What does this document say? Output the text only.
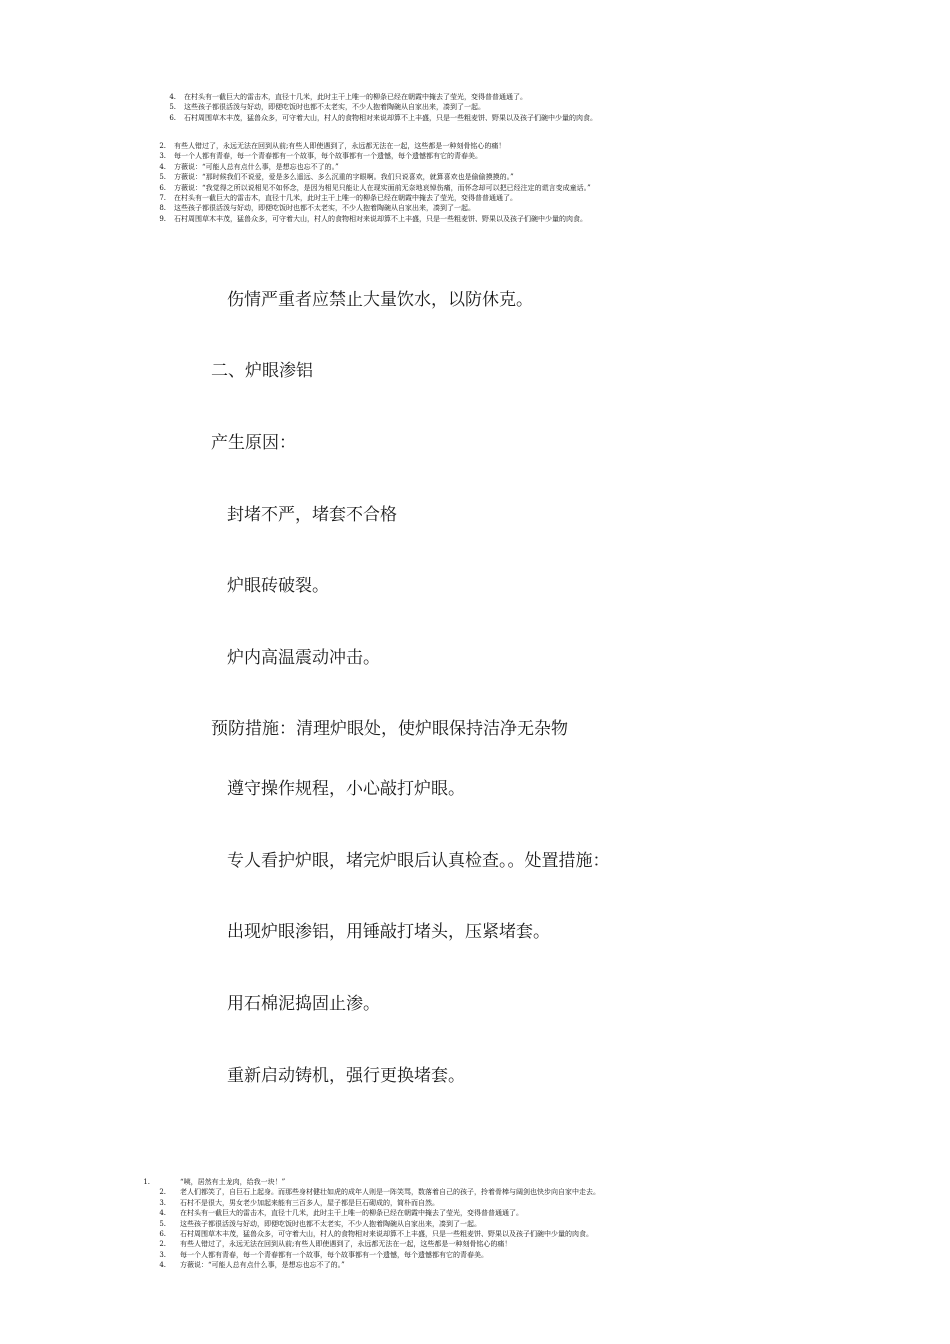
4. 在村头有一截巨大的雷击木，直径十几米，此时主干上唯一的柳条已经在朝霞中掩去了莹光，变得普普通通了。
5. 这些孩子都很活泼与好动，即便吃饭时也都不太老实，不少人抱着陶碗从自家出来，凑到了一起。
6. 石村周围草木丰茂，猛兽众多，可守着大山，村人的食物相对来说却算不上丰盛，只是一些粗麦饼、野果以及孩子们碗中少量的肉食。
2. 有些人错过了，永远无法在回到从前;有些人即使遇到了，永远都无法在一起，这些都是一种刻骨铭心的痛！
3. 每一个人都有青春，每一个青春都有一个故事，每个故事都有一个遗憾，每个遗憾都有它的青春美。
4. 方薇说：“可能人总有点什么事，是想忘也忘不了的。”
5. 方薇说：“那时候我们不说爱，爱是多么遥远、多么沉重的字眼啊。我们只说喜欢，就算喜欢也是偷偷摸摸的。”
6. 方薇说：“我觉得之所以说相见不如怀念，是因为相见只能让人在现实面前无奈地哀悼伤痛，而怀念却可以把已经注定的谎言变成童话。”
7. 在村头有一截巨大的雷击木，直径十几米，此时主干上唯一的柳条已经在朝霞中掩去了莹光，变得普普通通了。
8. 这些孩子都很活泼与好动，即便吃饭时也都不太老实，不少人抱着陶碗从自家出来，凑到了一起。
9. 石村周围草木丰茂，猛兽众多，可守着大山，村人的食物相对来说却算不上丰盛，只是一些粗麦饼、野果以及孩子们碗中少量的肉食。
伤情严重者应禁止大量饮水，以防休克。
二、炉眼渗铝
产生原因：
封堵不严，堵套不合格
炉眼砖破裂。
炉内高温震动冲击。
预防措施：清理炉眼处，使炉眼保持洁净无杂物
遵守操作规程，小心敲打炉眼。
专人看护炉眼，堵完炉眼后认真检查。。处置措施：
出现炉眼渗铝，用锤敲打堵头，压紧堵套。
用石棉泥捣固止渗。
重新启动铸机，强行更换堵套。
1.	“咦，居然有土龙肉，给我一块！”
2. 老人们都笑了，自巨石上起身。而那些身材健壮如虎的成年人则是一阵笑骂，数落着自己的孩子，拎着骨棒与阔剑也快步向自家中走去。
3. 石村不是很大，男女老少加起来能有三百多人，屋子都是巨石砌成的，简朴而自然。
4. 在村头有一截巨大的雷击木，直径十几米，此时主干上唯一的柳条已经在朝霞中掩去了莹光，变得普普通通了。
5. 这些孩子都很活泼与好动，即便吃饭时也都不太老实，不少人抱着陶碗从自家出来，凑到了一起。
6. 石村周围草木丰茂，猛兽众多，可守着大山，村人的食物相对来说却算不上丰盛，只是一些粗麦饼、野果以及孩子们碗中少量的肉食。
2. 有些人错过了，永远无法在回到从前;有些人即使遇到了，永远都无法在一起，这些都是一种刻骨铭心的痛！
3. 每一个人都有青春，每一个青春都有一个故事，每个故事都有一个遗憾，每个遗憾都有它的青春美。
4. 方薇说：“可能人总有点什么事，是想忘也忘不了的。”
